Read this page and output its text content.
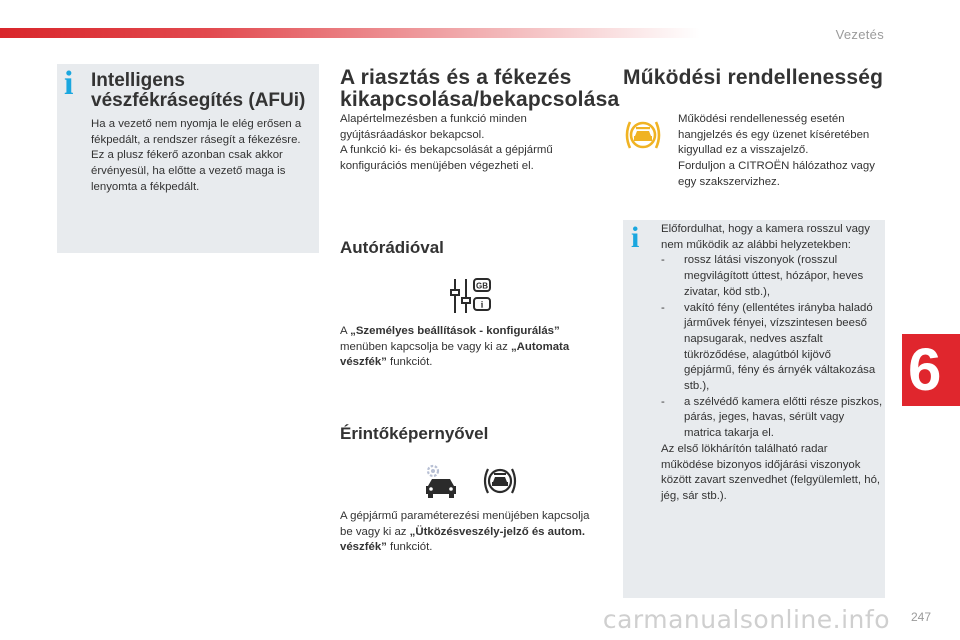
Vezetés
i Intelligens vészfékrásegítés (AFUi)
Ha a vezető nem nyomja le elég erősen a fékpedált, a rendszer rásegít a fékezésre.
Ez a plusz fékerő azonban csak akkor érvényesül, ha előtte a vezető maga is lenyomta a fékpedált.
A riasztás és a fékezés kikapcsolása/bekapcsolása
Alapértelmezésben a funkció minden gyújtásráadáskor bekapcsol.
A funkció ki- és bekapcsolását a gépjármű konfigurációs menüjében végezheti el.
Autórádióval
GB
i
A „Személyes beállítások - konfigurálás” menüben kapcsolja be vagy ki az „Automata vészfék” funkciót.
Érintőképernyővel
A gépjármű paraméterezési menüjében kapcsolja be vagy ki az „Ütközésveszély-jelző és autom. vészfék” funkciót.
Működési rendellenesség
Működési rendellenesség esetén hangjelzés és egy üzenet kíséretében kigyullad ez a visszajelző.
Forduljon a CITROËN hálózathoz vagy egy szakszervizhez.
i Előfordulhat, hogy a kamera rosszul vagy nem működik az alábbi helyzetekben:

- rossz látási viszonyok (rosszul megvilágított úttest, hózápor, heves zivatar, köd stb.),
- vakító fény (ellentétes irányba haladó járművek fényei, vízszintesen beeső napsugarak, nedves aszfalt tükröződése, alagútból kijövő gépjármű, fény és árnyék váltakozása stb.),
- a szélvédő kamera előtti része piszkos, párás, jeges, havas, sérült vagy matrica takarja el.

Az első lökhárítón található radar működése bizonyos időjárási viszonyok között zavart szenvedhet (felgyülemlett, hó, jég, sár stb.).

6
247
carmanualsonline.info
